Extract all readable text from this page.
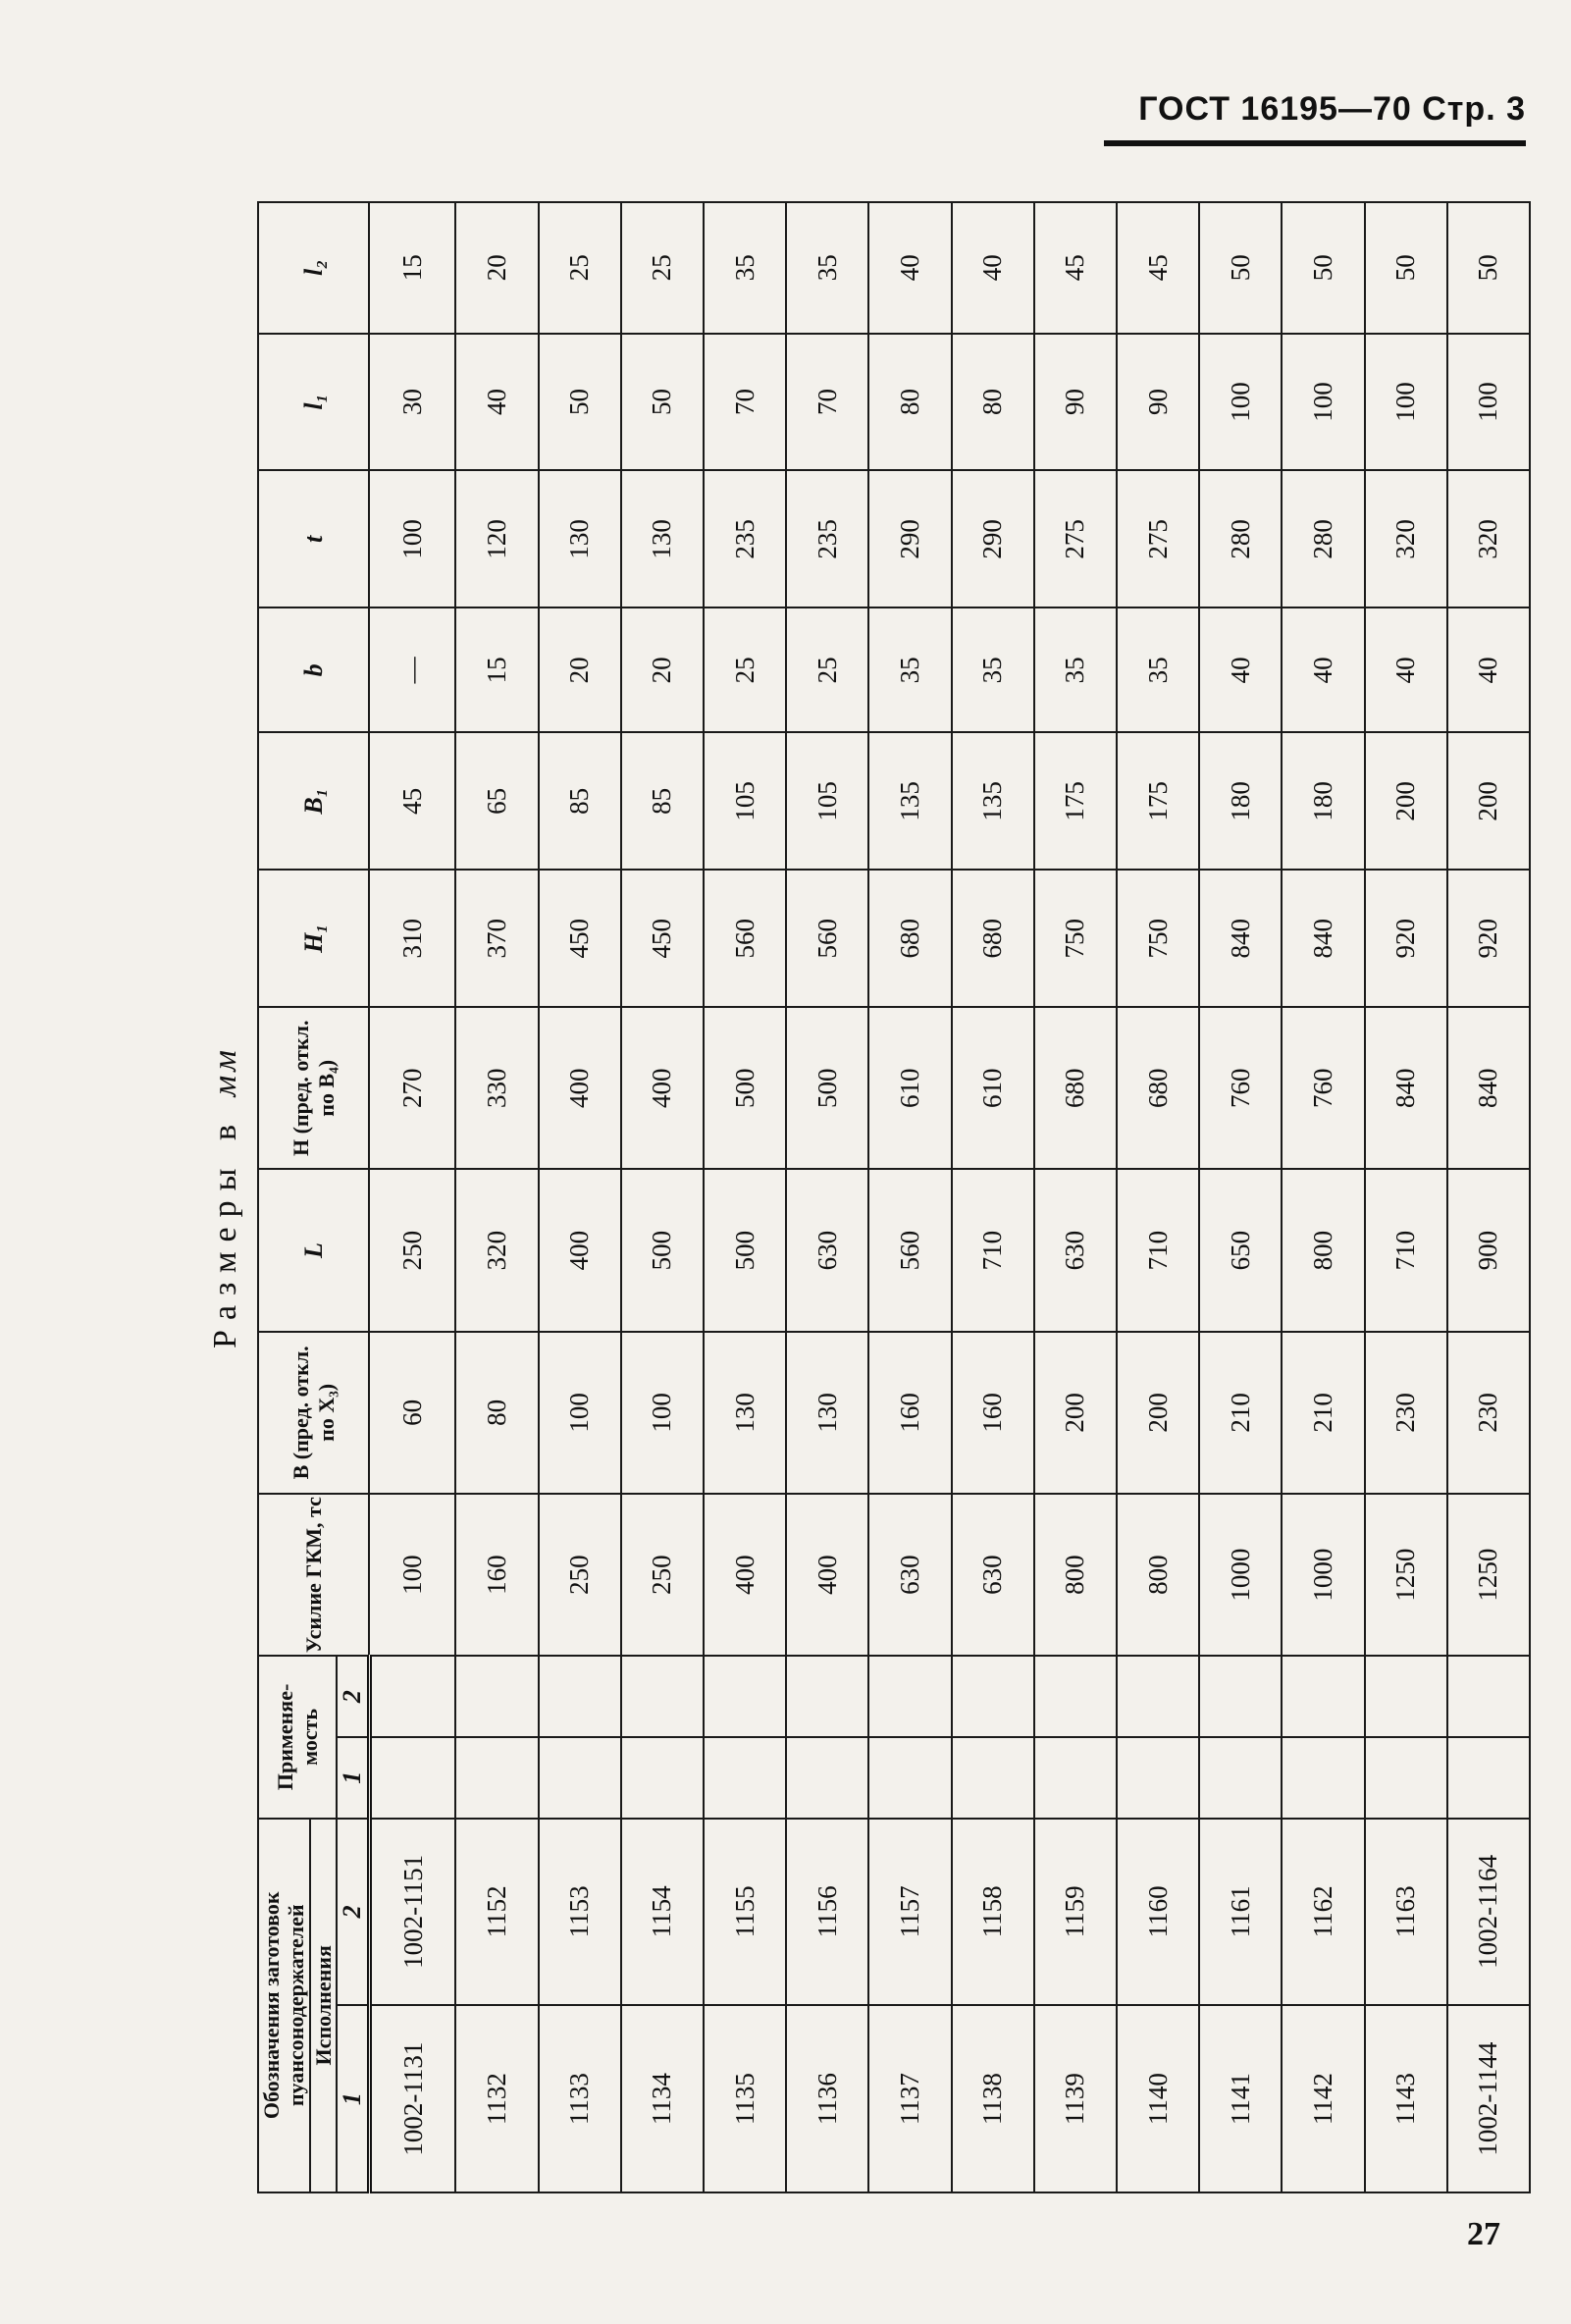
ГОСТ 16195—70 Стр. 3
Размеры в мм
Обозначения заготовок пуансонодержателей		Применяе-мость		Усилие ГКМ, тс	B (пред. откл. по X₃)	L	H (пред. откл. по B₄)	H₁	B₁	b	t	l₁	l₂
Исполнения													
1	2	1	2										
1002-1131	1002-1151			100	60	250	270	310	45	—	100	30	15
1132	1152			160	80	320	330	370	65	15	120	40	20
1133	1153			250	100	400	400	450	85	20	130	50	25
1134	1154			250	100	500	400	450	85	20	130	50	25
1135	1155			400	130	500	500	560	105	25	235	70	35
1136	1156			400	130	630	500	560	105	25	235	70	35
1137	1157			630	160	560	610	680	135	35	290	80	40
1138	1158			630	160	710	610	680	135	35	290	80	40
1139	1159			800	200	630	680	750	175	35	275	90	45
1140	1160			800	200	710	680	750	175	35	275	90	45
1141	1161			1000	210	650	760	840	180	40	280	100	50
1142	1162			1000	210	800	760	840	180	40	280	100	50
1143	1163			1250	230	710	840	920	200	40	320	100	50
1002-1144	1002-1164			1250	230	900	840	920	200	40	320	100	50
27
